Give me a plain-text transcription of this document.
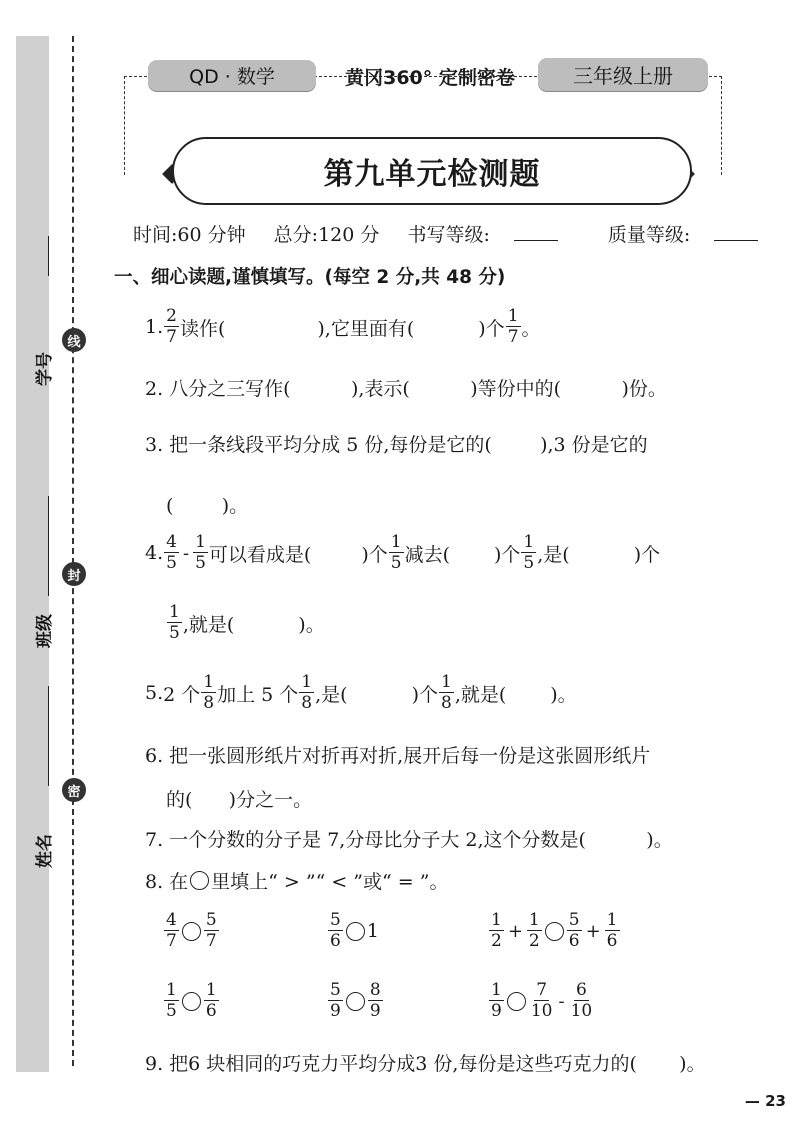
学号
班级
姓名
线
封
密
QD · 数学	黄冈360° 定制密卷	三年级上册
第九单元检测题
时间:60 分钟 总分:120 分 书写等级:	质量等级:
一、细心读题,谨慎填写。(每空 2 分,共 48 分)
1. $\frac{2}{7}$ 读作(	),它里面有(	)个 $\frac{1}{7}$ 。
2. 八分之三写作(          ),表示(          )等份中的(          )份。
3. 把一条线段平均分成 5 份,每份是它的(        ),3 份是它的
(        )。
4. $\frac{4}{5} - \frac{1}{5}$ 可以看成是(	)个 $\frac{1}{5}$ 减去( )个 $\frac{1}{5}$ ,是(	)个
$\frac{1}{5}$ ,就是(	)。
5. 2 个 $\frac{1}{8}$ 加上 5 个 $\frac{1}{8}$ ,是(	)个 $\frac{1}{8}$ ,就是( )。
6. 把一张圆形纸片对折再对折,展开后每一份是这张圆形纸片
的(      )分之一。
7. 一个分数的分子是 7,分母比分子大 2,这个分数是(          )。
8. 在 里填上“ > ”“ < ”或“ = ”。
$\frac{4}{7} \frac{5}{7}$	$\frac{5}{6} 1$	$\frac{1}{2} + \frac{1}{2} \frac{5}{6} + \frac{1}{6}$
$\frac{1}{5} \frac{1}{6}$	$\frac{5}{9} \frac{8}{9}$	$\frac{1}{9} \frac{7}{10} - \frac{6}{10}$
9. 把6 块相同的巧克力平均分成3 份,每份是这些巧克力的(       )。
— 23
